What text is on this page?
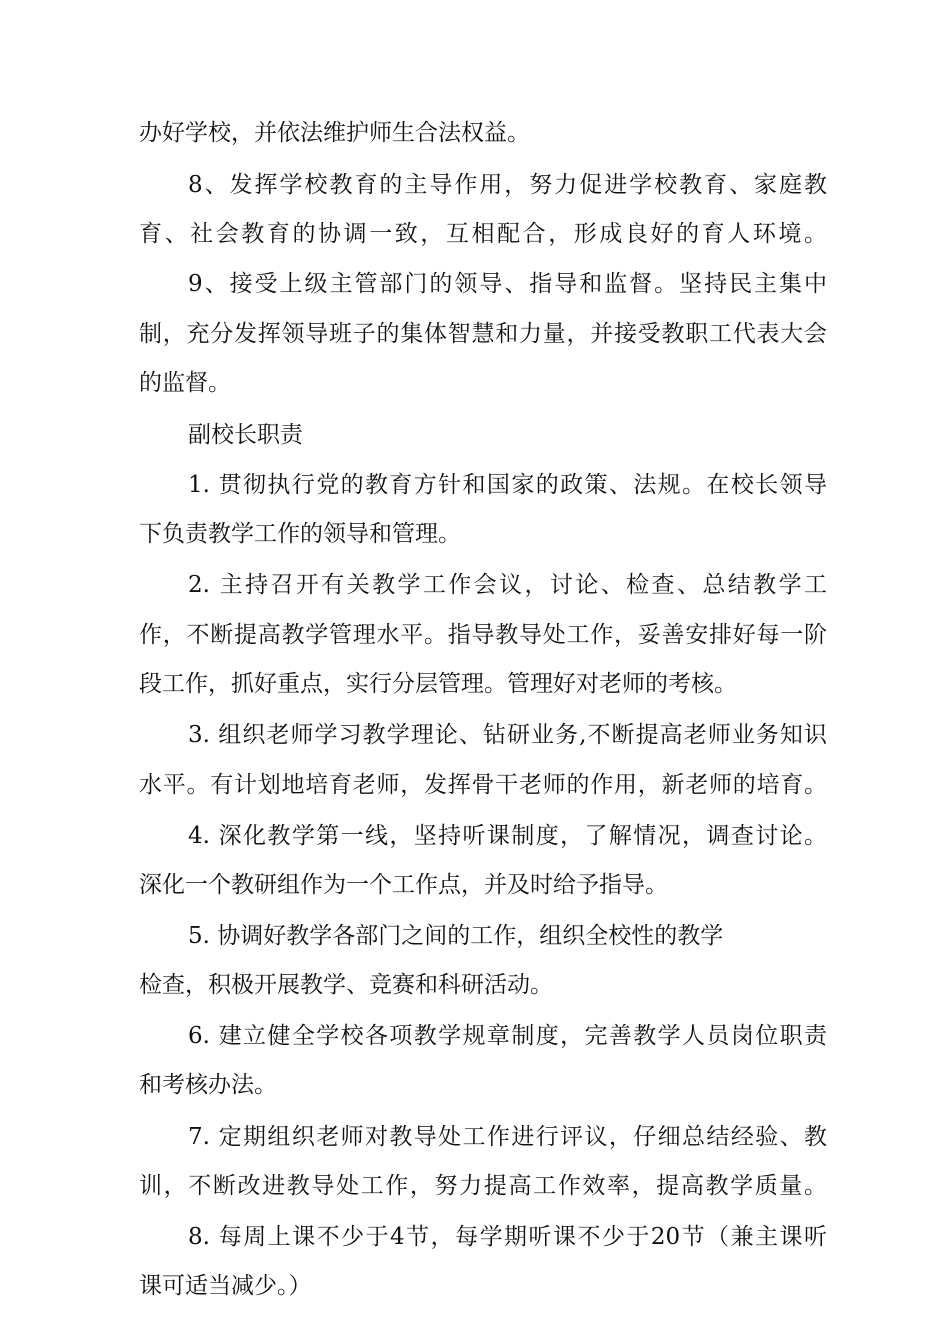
办好学校，并依法维护师生合法权益。

8、发挥学校教育的主导作用，努力促进学校教育、家庭教

育、社会教育的协调一致，互相配合，形成良好的育人环境。

9、接受上级主管部门的领导、指导和监督。坚持民主集中

制，充分发挥领导班子的集体智慧和力量，并接受教职工代表大会

的监督。

副校长职责

1. 贯彻执行党的教育方针和国家的政策、法规。在校长领导

下负责教学工作的领导和管理。

2. 主持召开有关教学工作会议，讨论、检查、总结教学工

作，不断提高教学管理水平。指导教导处工作，妥善安排好每一阶

段工作，抓好重点，实行分层管理。管理好对老师的考核。

3. 组织老师学习教学理论、钻研业务,不断提高老师业务知识

水平。有计划地培育老师，发挥骨干老师的作用，新老师的培育。

4. 深化教学第一线，坚持听课制度，了解情况，调查讨论。

深化一个教研组作为一个工作点，并及时给予指导。

5. 协调好教学各部门之间的工作，组织全校性的教学

检查，积极开展教学、竞赛和科研活动。

6. 建立健全学校各项教学规章制度，完善教学人员岗位职责

和考核办法。

7. 定期组织老师对教导处工作进行评议，仔细总结经验、教

训，不断改进教导处工作，努力提高工作效率，提高教学质量。

8. 每周上课不少于4节，每学期听课不少于20节（兼主课听

课可适当减少。）
